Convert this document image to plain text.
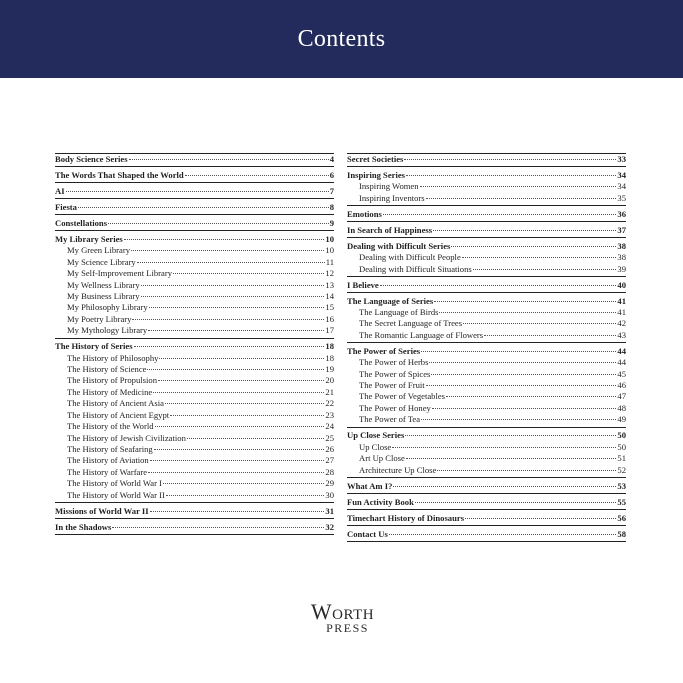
Contents
Body Science Series	4
The Words That Shaped the World	6
AI	7
Fiesta	8
Constellations	9
My Library Series	10
My Green Library	10
My Science Library	11
My Self-Improvement Library	12
My Wellness Library	13
My Business Library	14
My Philosophy Library	15
My Poetry Library	16
My Mythology Library	17
The History of Series	18
The History of Philosophy	18
The History of Science	19
The History of Propulsion	20
The History of Medicine	21
The History of Ancient Asia	22
The History of Ancient Egypt	23
The History of the World	24
The History of Jewish Civilization	25
The History of Seafaring	26
The History of Aviation	27
The History of Warfare	28
The History of World War I	29
The History of World War II	30
Missions of World War II	31
In the Shadows	32
Secret Societies	33
Inspiring Series	34
Inspiring Women	34
Inspiring Inventors	35
Emotions	36
In Search of Happiness	37
Dealing with Difficult Series	38
Dealing with Difficult People	38
Dealing with Difficult Situations	39
I Believe	40
The Language of Series	41
The Language of Birds	41
The Secret Language of Trees	42
The Romantic Language of Flowers	43
The Power of Series	44
The Power of Herbs	44
The Power of Spices	45
The Power of Fruit	46
The Power of Vegetables	47
The Power of Honey	48
The Power of Tea	49
Up Close Series	50
Up Close	50
Art Up Close	51
Architecture Up Close	52
What Am I?	53
Fun Activity Book	55
Timechart History of Dinosaurs	56
Contact Us	58
WORTH
PRESS
